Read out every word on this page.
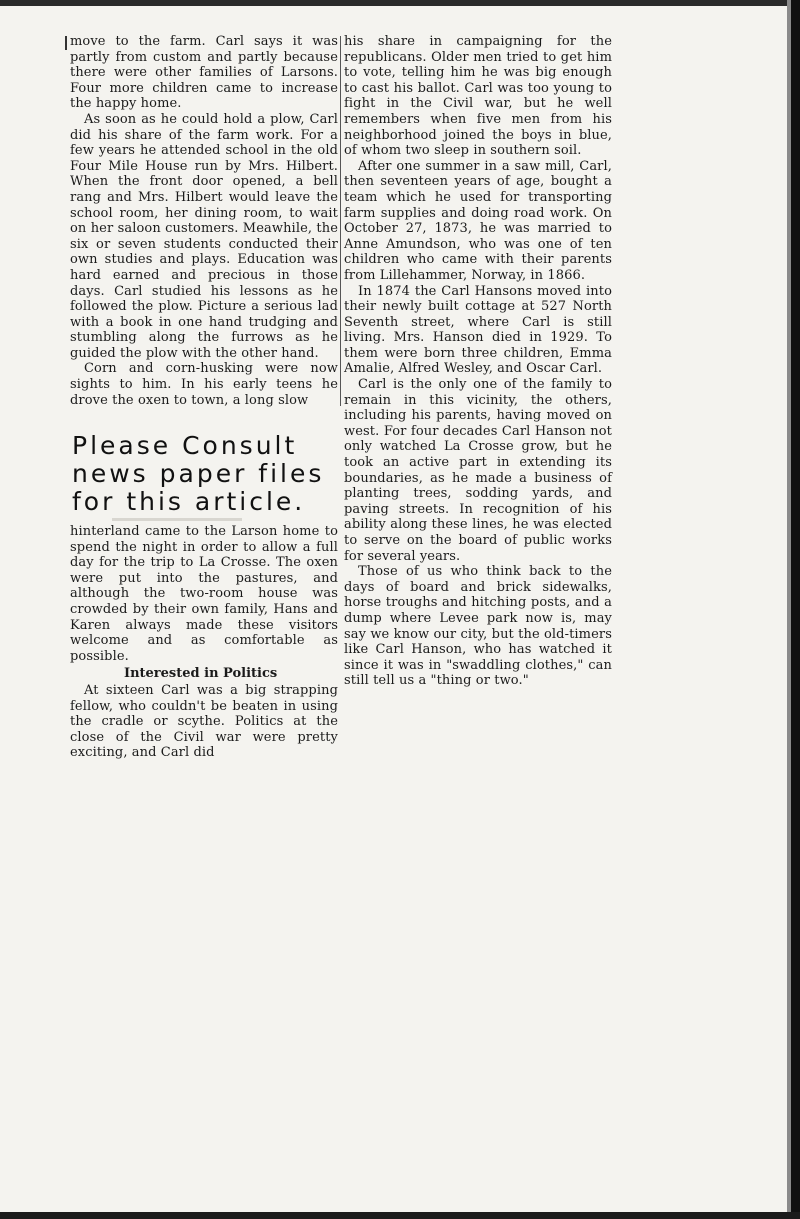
move to the farm. Carl says it was partly from custom and partly because there were other families of Larsons. Four more children came to increase the happy home.

As soon as he could hold a plow, Carl did his share of the farm work. For a few years he attended school in the old Four Mile House run by Mrs. Hilbert. When the front door opened, a bell rang and Mrs. Hilbert would leave the school room, her dining room, to wait on her saloon customers. Meawhile, the six or seven students conducted their own studies and plays. Education was hard earned and precious in those days. Carl studied his lessons as he followed the plow. Picture a serious lad with a book in one hand trudging and stumbling along the furrows as he guided the plow with the other hand.

Corn and corn-husking were now sights to him. In his early teens he drove the oxen to town, a long slow

Please Consult
news paper files
for this article.

hinterland came to the Larson home to spend the night in order to allow a full day for the trip to La Crosse. The oxen were put into the pastures, and although the two-room house was crowded by their own family, Hans and Karen always made these visitors welcome and as comfortable as possible.

Interested in Politics

At sixteen Carl was a big strapping fellow, who couldn't be beaten in using the cradle or scythe. Politics at the close of the Civil war were pretty exciting, and Carl did

his share in campaigning for the republicans. Older men tried to get him to vote, telling him he was big enough to cast his ballot. Carl was too young to fight in the Civil war, but he well remembers when five men from his neighborhood joined the boys in blue, of whom two sleep in southern soil.

After one summer in a saw mill, Carl, then seventeen years of age, bought a team which he used for transporting farm supplies and doing road work. On October 27, 1873, he was married to Anne Amundson, who was one of ten children who came with their parents from Lillehammer, Norway, in 1866.

In 1874 the Carl Hansons moved into their newly built cottage at 527 North Seventh street, where Carl is still living. Mrs. Hanson died in 1929. To them were born three children, Emma Amalie, Alfred Wesley, and Oscar Carl.

Carl is the only one of the family to remain in this vicinity, the others, including his parents, having moved on west. For four decades Carl Hanson not only watched La Crosse grow, but he took an active part in extending its boundaries, as he made a business of planting trees, sodding yards, and paving streets. In recognition of his ability along these lines, he was elected to serve on the board of public works for several years.

Those of us who think back to the days of board and brick sidewalks, horse troughs and hitching posts, and a dump where Levee park now is, may say we know our city, but the old-timers like Carl Hanson, who has watched it since it was in "swaddling clothes," can still tell us a "thing or two."
